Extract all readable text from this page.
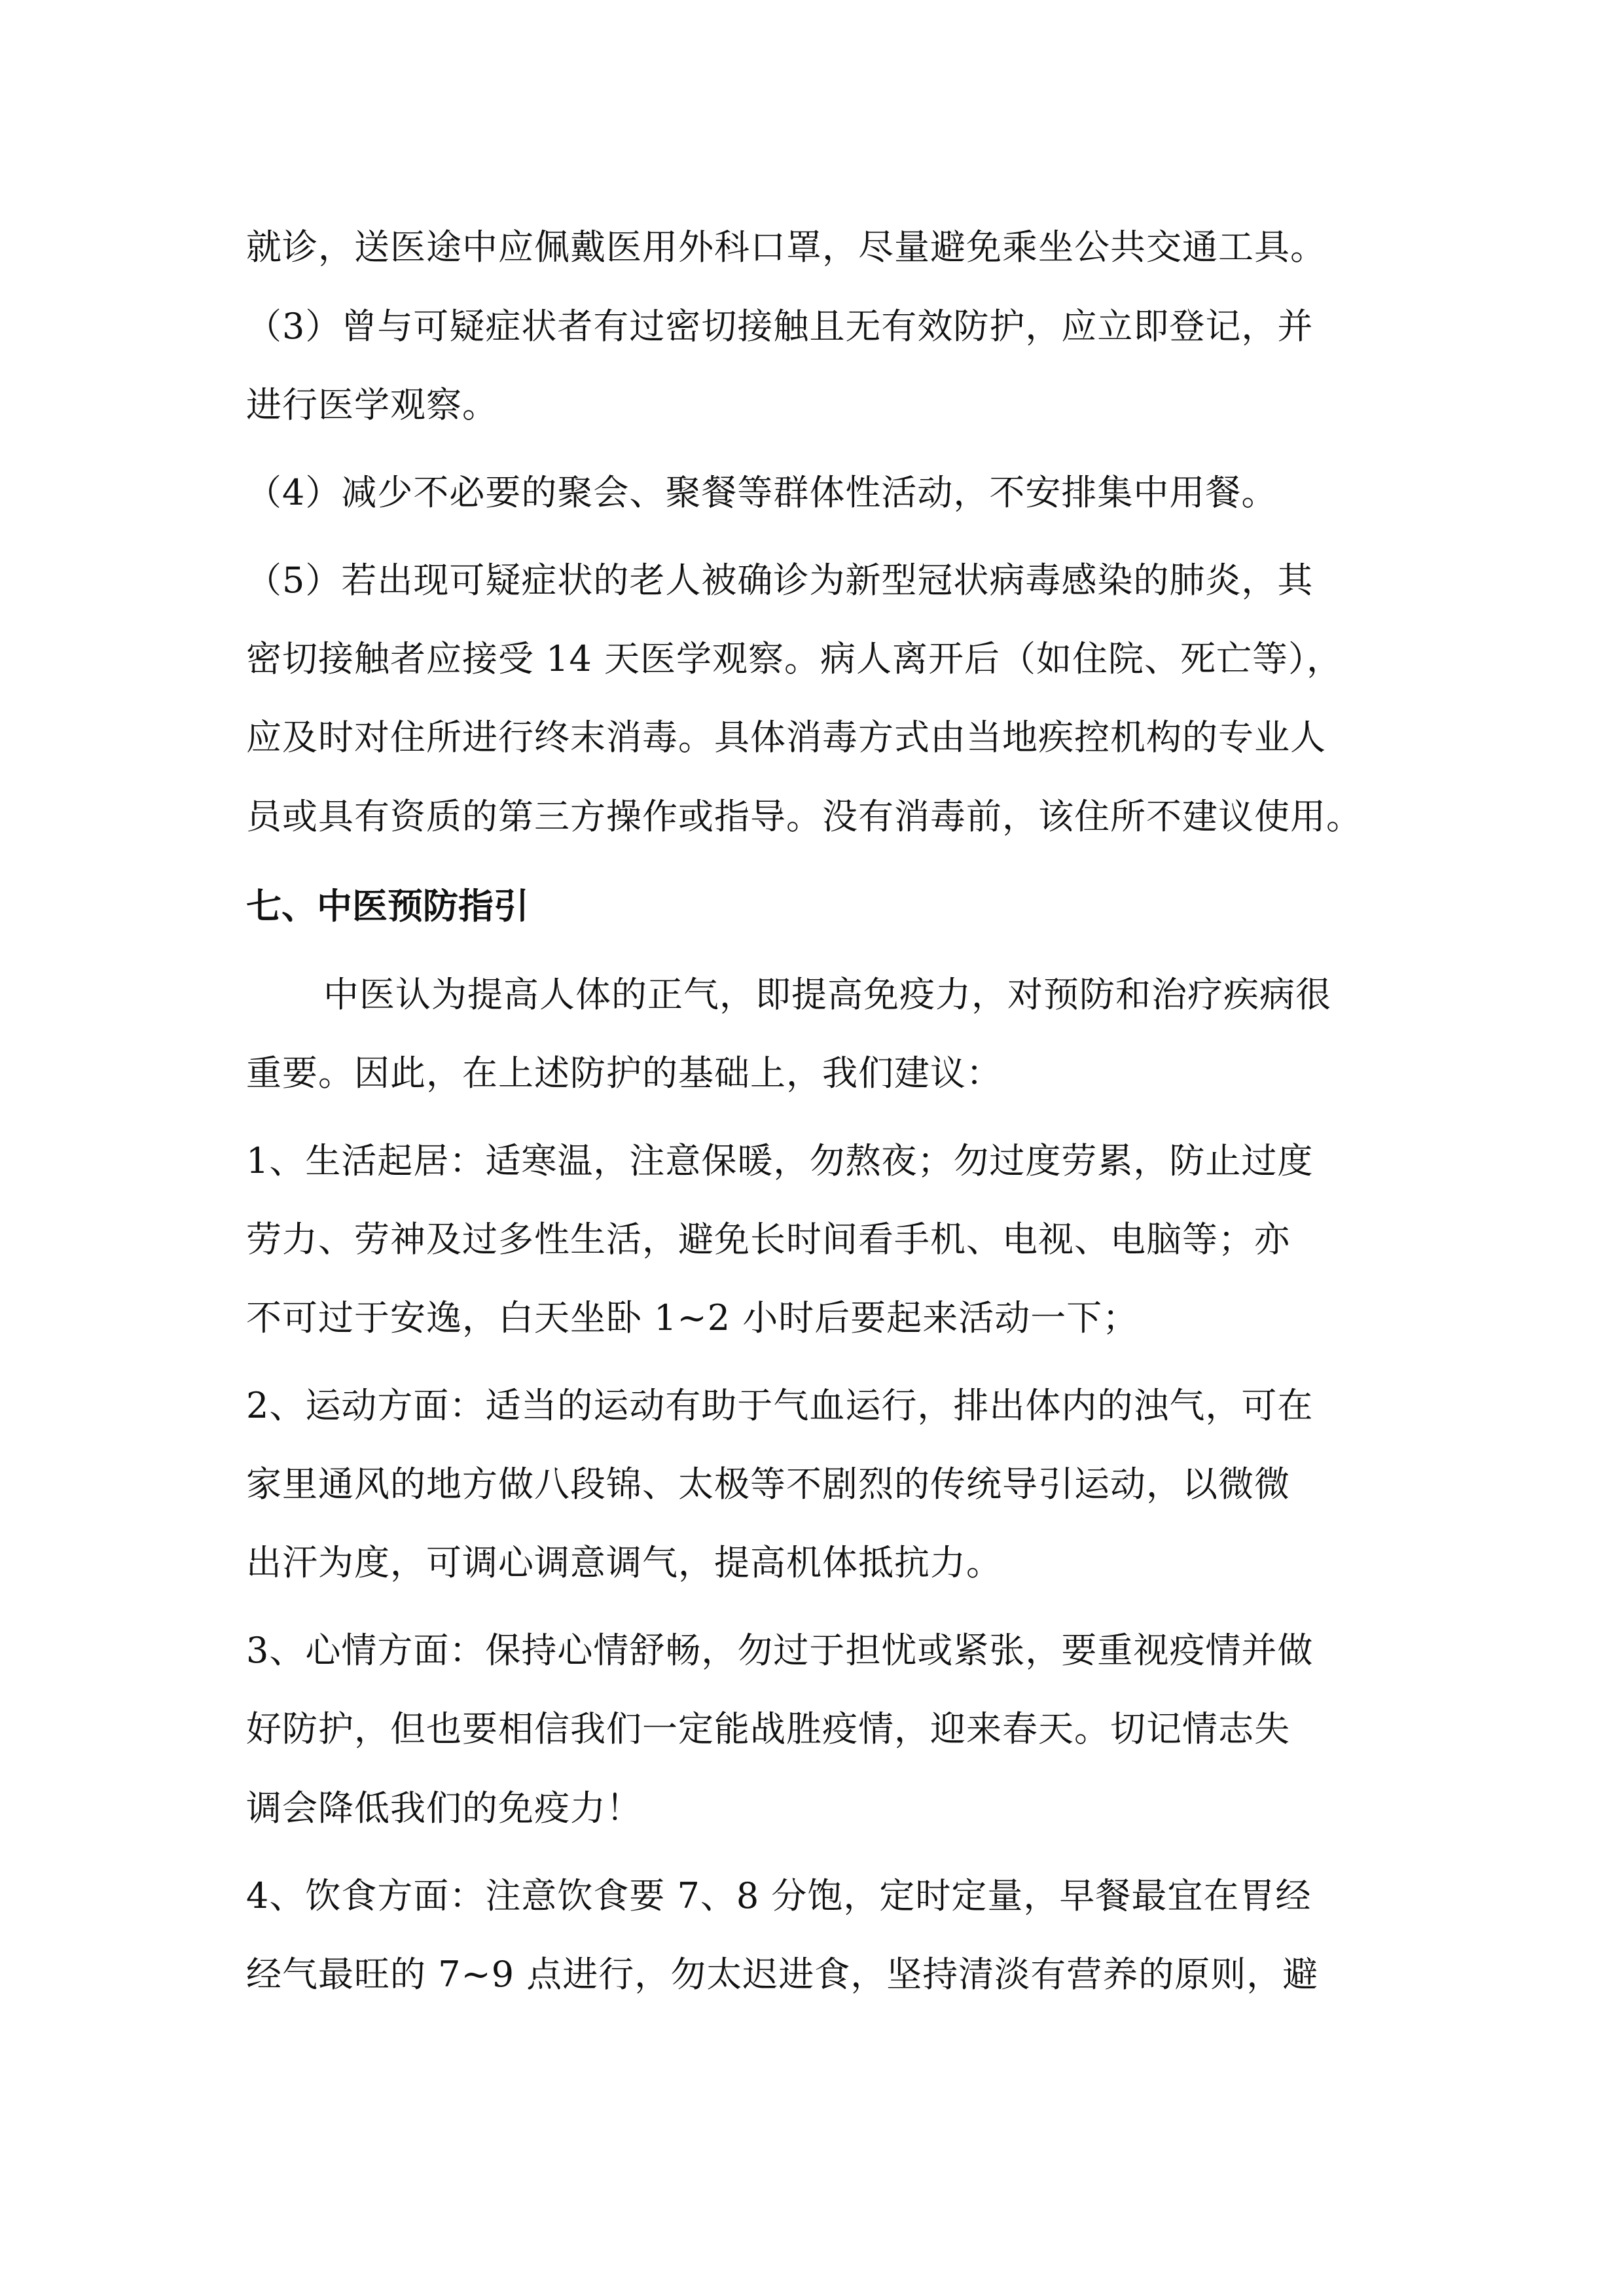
就诊，送医途中应佩戴医用外科口罩，尽量避免乘坐公共交通工具。
（3）曾与可疑症状者有过密切接触且无有效防护，应立即登记，并
进行医学观察。
（4）减少不必要的聚会、聚餐等群体性活动，不安排集中用餐。
（5）若出现可疑症状的老人被确诊为新型冠状病毒感染的肺炎，其
密切接触者应接受 14 天医学观察。病人离开后（如住院、死亡等），
应及时对住所进行终末消毒。具体消毒方式由当地疾控机构的专业人
员或具有资质的第三方操作或指导。没有消毒前，该住所不建议使用。
七、中医预防指引
中医认为提高人体的正气，即提高免疫力，对预防和治疗疾病很
重要。因此，在上述防护的基础上，我们建议：
1、生活起居：适寒温，注意保暖，勿熬夜；勿过度劳累，防止过度
劳力、劳神及过多性生活，避免长时间看手机、电视、电脑等；亦
不可过于安逸，白天坐卧 1~2 小时后要起来活动一下；
2、运动方面：适当的运动有助于气血运行，排出体内的浊气，可在
家里通风的地方做八段锦、太极等不剧烈的传统导引运动，以微微
出汗为度，可调心调意调气，提高机体抵抗力。
3、心情方面：保持心情舒畅，勿过于担忧或紧张，要重视疫情并做
好防护，但也要相信我们一定能战胜疫情，迎来春天。切记情志失
调会降低我们的免疫力！
4、饮食方面：注意饮食要 7、8 分饱，定时定量，早餐最宜在胃经
经气最旺的 7~9 点进行，勿太迟进食，坚持清淡有营养的原则，避
